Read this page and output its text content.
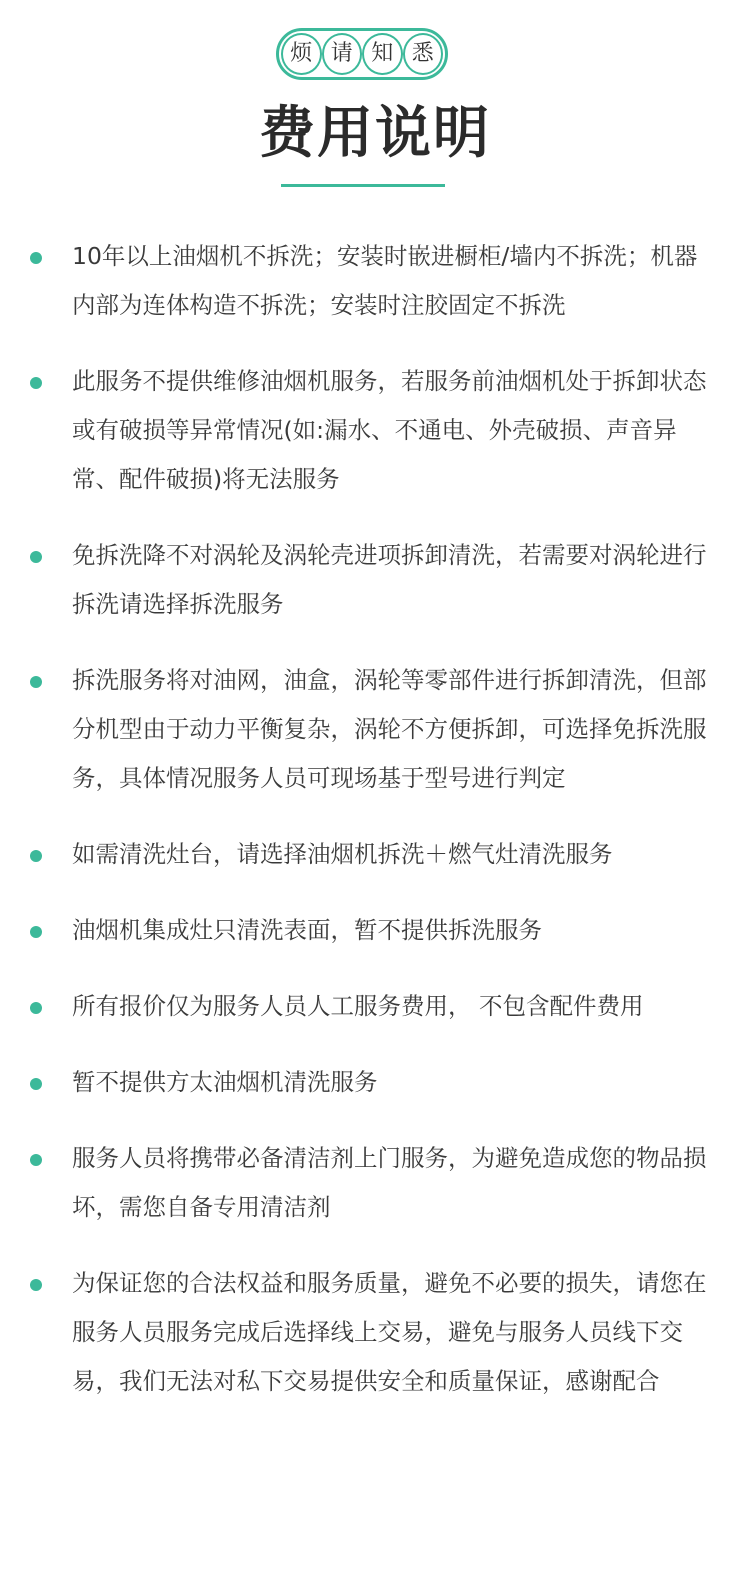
烦 请 知 悉
费用说明
10年以上油烟机不拆洗；安装时嵌进橱柜/墙内不拆洗；机器内部为连体构造不拆洗；安装时注胶固定不拆洗
此服务不提供维修油烟机服务，若服务前油烟机处于拆卸状态或有破损等异常情况(如:漏水、不通电、外壳破损、声音异常、配件破损)将无法服务
免拆洗降不对涡轮及涡轮壳进项拆卸清洗，若需要对涡轮进行拆洗请选择拆洗服务
拆洗服务将对油网，油盒，涡轮等零部件进行拆卸清洗，但部分机型由于动力平衡复杂，涡轮不方便拆卸，可选择免拆洗服务，具体情况服务人员可现场基于型号进行判定
如需清洗灶台，请选择油烟机拆洗＋燃气灶清洗服务
油烟机集成灶只清洗表面，暂不提供拆洗服务
所有报价仅为服务人员人工服务费用， 不包含配件费用
暂不提供方太油烟机清洗服务
服务人员将携带必备清洁剂上门服务，为避免造成您的物品损坏，需您自备专用清洁剂
为保证您的合法权益和服务质量，避免不必要的损失，请您在服务人员服务完成后选择线上交易，避免与服务人员线下交易，我们无法对私下交易提供安全和质量保证，感谢配合
